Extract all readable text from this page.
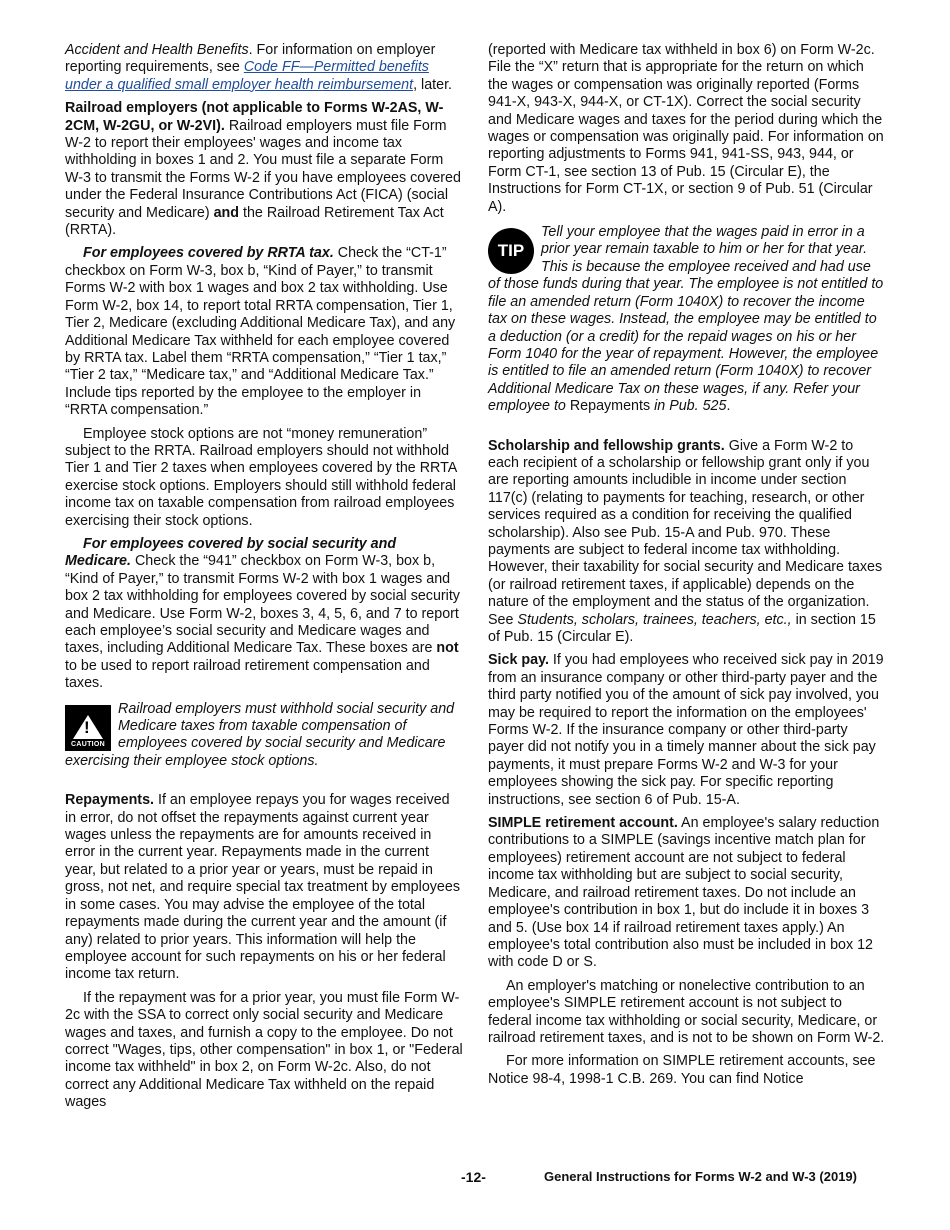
Accident and Health Benefits. For information on employer reporting requirements, see Code FF—Permitted benefits under a qualified small employer health reimbursement, later.

Railroad employers (not applicable to Forms W-2AS, W-2CM, W-2GU, or W-2VI). Railroad employers must file Form W-2 to report their employees' wages and income tax withholding in boxes 1 and 2. You must file a separate Form W-3 to transmit the Forms W-2 if you have employees covered under the Federal Insurance Contributions Act (FICA) (social security and Medicare) and the Railroad Retirement Tax Act (RRTA).

For employees covered by RRTA tax. Check the “CT-1” checkbox on Form W-3, box b, “Kind of Payer,” to transmit Forms W-2 with box 1 wages and box 2 tax withholding. Use Form W-2, box 14, to report total RRTA compensation, Tier 1, Tier 2, Medicare (excluding Additional Medicare Tax), and any Additional Medicare Tax withheld for each employee covered by RRTA tax. Label them “RRTA compensation,” “Tier 1 tax,” “Tier 2 tax,” “Medicare tax,” and “Additional Medicare Tax.” Include tips reported by the employee to the employer in “RRTA compensation.”

Employee stock options are not “money remuneration” subject to the RRTA. Railroad employers should not withhold Tier 1 and Tier 2 taxes when employees covered by the RRTA exercise stock options. Employers should still withhold federal income tax on taxable compensation from railroad employees exercising their stock options.

For employees covered by social security and Medicare. Check the “941” checkbox on Form W-3, box b, “Kind of Payer,” to transmit Forms W-2 with box 1 wages and box 2 tax withholding for employees covered by social security and Medicare. Use Form W-2, boxes 3, 4, 5, 6, and 7 to report each employee’s social security and Medicare wages and taxes, including Additional Medicare Tax. These boxes are not to be used to report railroad retirement compensation and taxes.

!
CAUTION
Railroad employers must withhold social security and Medicare taxes from taxable compensation of employees covered by social security and Medicare exercising their employee stock options.

Repayments. If an employee repays you for wages received in error, do not offset the repayments against current year wages unless the repayments are for amounts received in error in the current year. Repayments made in the current year, but related to a prior year or years, must be repaid in gross, not net, and require special tax treatment by employees in some cases. You may advise the employee of the total repayments made during the current year and the amount (if any) related to prior years. This information will help the employee account for such repayments on his or her federal income tax return.

If the repayment was for a prior year, you must file Form W-2c with the SSA to correct only social security and Medicare wages and taxes, and furnish a copy to the employee. Do not correct "Wages, tips, other compensation" in box 1, or "Federal income tax withheld" in box 2, on Form W-2c. Also, do not correct any Additional Medicare Tax withheld on the repaid wages

(reported with Medicare tax withheld in box 6) on Form W-2c. File the “X” return that is appropriate for the return on which the wages or compensation was originally reported (Forms 941-X, 943-X, 944-X, or CT-1X). Correct the social security and Medicare wages and taxes for the period during which the wages or compensation was originally paid. For information on reporting adjustments to Forms 941, 941-SS, 943, 944, or Form CT-1, see section 13 of Pub. 15 (Circular E), the Instructions for Form CT-1X, or section 9 of Pub. 51 (Circular A).

TIP
Tell your employee that the wages paid in error in a prior year remain taxable to him or her for that year. This is because the employee received and had use of those funds during that year. The employee is not entitled to file an amended return (Form 1040X) to recover the income tax on these wages. Instead, the employee may be entitled to a deduction (or a credit) for the repaid wages on his or her Form 1040 for the year of repayment. However, the employee is entitled to file an amended return (Form 1040X) to recover Additional Medicare Tax on these wages, if any. Refer your employee to Repayments in Pub. 525.

Scholarship and fellowship grants. Give a Form W-2 to each recipient of a scholarship or fellowship grant only if you are reporting amounts includible in income under section 117(c) (relating to payments for teaching, research, or other services required as a condition for receiving the qualified scholarship). Also see Pub. 15-A and Pub. 970. These payments are subject to federal income tax withholding. However, their taxability for social security and Medicare taxes (or railroad retirement taxes, if applicable) depends on the nature of the employment and the status of the organization. See Students, scholars, trainees, teachers, etc., in section 15 of Pub. 15 (Circular E).

Sick pay. If you had employees who received sick pay in 2019 from an insurance company or other third-party payer and the third party notified you of the amount of sick pay involved, you may be required to report the information on the employees' Forms W-2. If the insurance company or other third-party payer did not notify you in a timely manner about the sick pay payments, it must prepare Forms W-2 and W-3 for your employees showing the sick pay. For specific reporting instructions, see section 6 of Pub. 15-A.

SIMPLE retirement account. An employee's salary reduction contributions to a SIMPLE (savings incentive match plan for employees) retirement account are not subject to federal income tax withholding but are subject to social security, Medicare, and railroad retirement taxes. Do not include an employee's contribution in box 1, but do include it in boxes 3 and 5. (Use box 14 if railroad retirement taxes apply.) An employee's total contribution also must be included in box 12 with code D or S.

An employer's matching or nonelective contribution to an employee's SIMPLE retirement account is not subject to federal income tax withholding or social security, Medicare, or railroad retirement taxes, and is not to be shown on Form W-2.

For more information on SIMPLE retirement accounts, see Notice 98-4, 1998-1 C.B. 269. You can find Notice

-12-	General Instructions for Forms W-2 and W-3 (2019)
